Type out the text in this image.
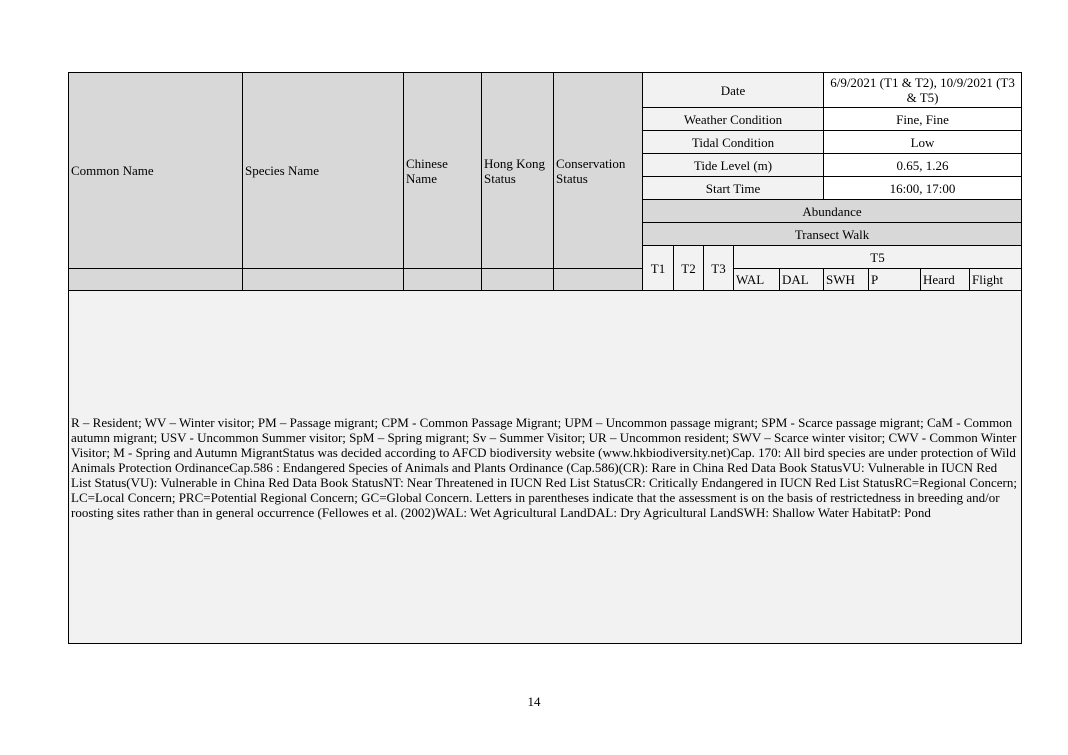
Common Name	Species Name	Chinese Name	Hong Kong Status	Conservation Status	Date					6/9/2021 (T1 & T2), 10/9/2021 (T3 & T5)			
					Weather Condition					Fine, Fine			
					Tidal Condition					Low			
					Tide Level (m)					0.65, 1.26			
					Start Time					16:00, 17:00			
					Abundance								
					Transect Walk								
					T1	T2	T3	T5					
								WAL	DAL	SWH	P	Heard	Flight
R – Resident; WV – Winter visitor; PM – Passage migrant; CPM - Common Passage Migrant; UPM – Uncommon passage migrant; SPM - Scarce passage migrant; CaM - Common autumn migrant; USV - Uncommon Summer visitor; SpM – Spring migrant; Sv – Summer Visitor; UR – Uncommon resident; SWV – Scarce winter visitor; CWV - Common Winter Visitor; M - Spring and Autumn MigrantStatus was decided according to AFCD biodiversity website (www.hkbiodiversity.net)Cap. 170: All bird species are under protection of Wild Animals Protection OrdinanceCap.586 : Endangered Species of Animals and Plants Ordinance (Cap.586)(CR): Rare in China Red Data Book StatusVU: Vulnerable in IUCN Red List Status(VU): Vulnerable in China Red Data Book StatusNT: Near Threatened in IUCN Red List StatusCR: Critically Endangered in IUCN Red List StatusRC=Regional Concern; LC=Local Concern; PRC=Potential Regional Concern; GC=Global Concern. Letters in parentheses indicate that the assessment is on the basis of restrictedness in breeding and/or roosting sites rather than in general occurrence (Fellowes et al. (2002)WAL: Wet Agricultural LandDAL: Dry Agricultural LandSWH: Shallow Water HabitatP: Pond													
14
